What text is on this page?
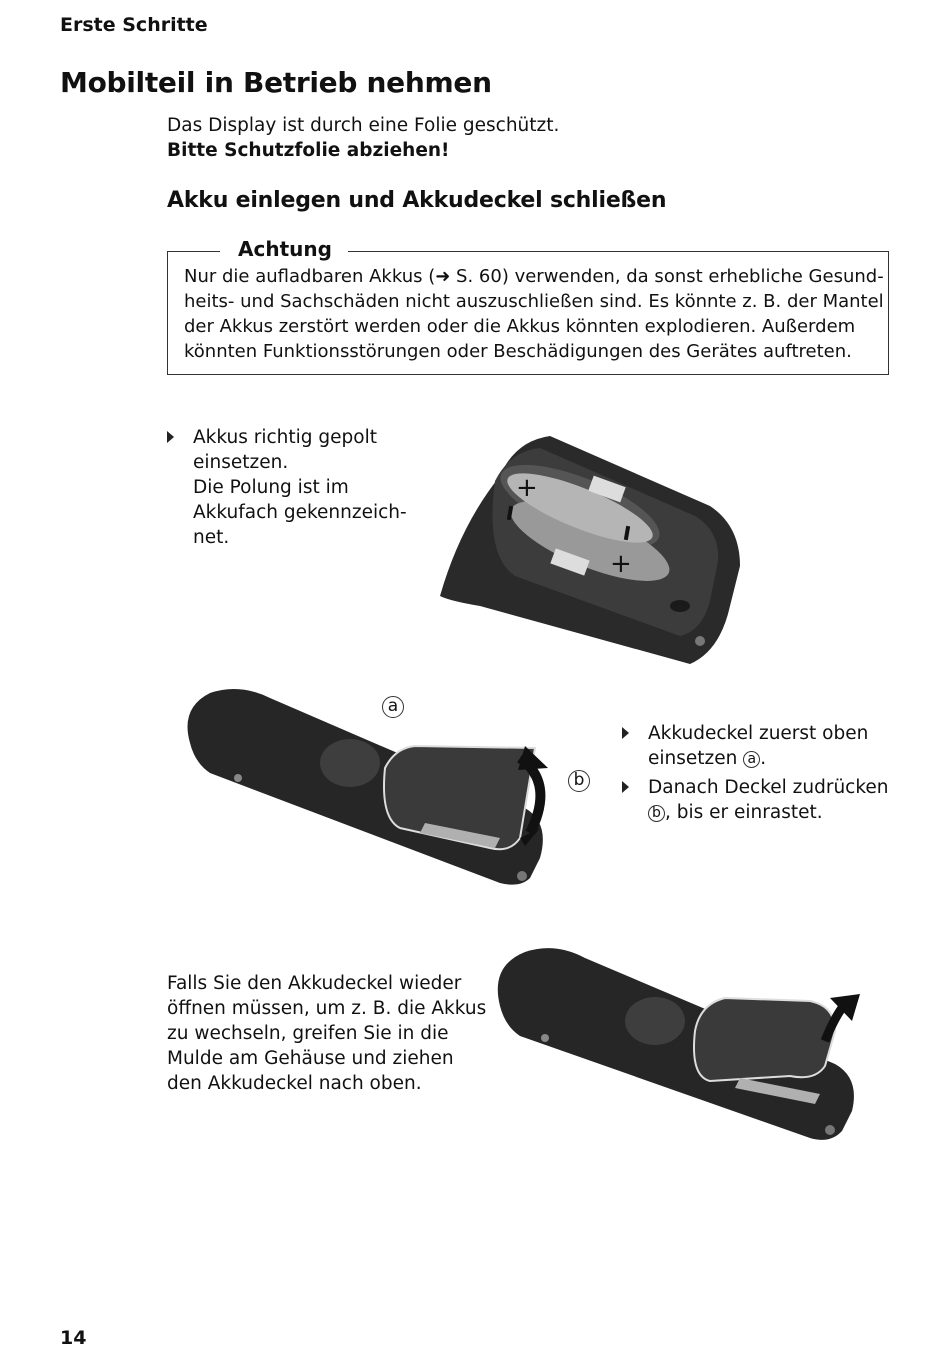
Erste Schritte
Mobilteil in Betrieb nehmen
Das Display ist durch eine Folie geschützt.
Bitte Schutzfolie abziehen!
Akku einlegen und Akkudeckel schließen
Achtung
Nur die aufladbaren Akkus (➜ S. 60) verwenden, da sonst erhebliche Gesund-
heits- und Sachschäden nicht auszuschließen sind. Es könnte z. B. der Mantel
der Akkus zerstört werden oder die Akkus könnten explodieren. Außerdem
könnten Funktionsstörungen oder Beschädigungen des Gerätes auftreten.
Akkus richtig gepolt
einsetzen.
Die Polung ist im
Akkufach gekennzeich-
net.
+
+
a
b
Akkudeckel zuerst oben
einsetzen a .
Danach Deckel zudrücken
b , bis er einrastet.
Falls Sie den Akkudeckel wieder
öffnen müssen, um z. B. die Akkus
zu wechseln, greifen Sie in die
Mulde am Gehäuse und ziehen
den Akkudeckel nach oben.
14
